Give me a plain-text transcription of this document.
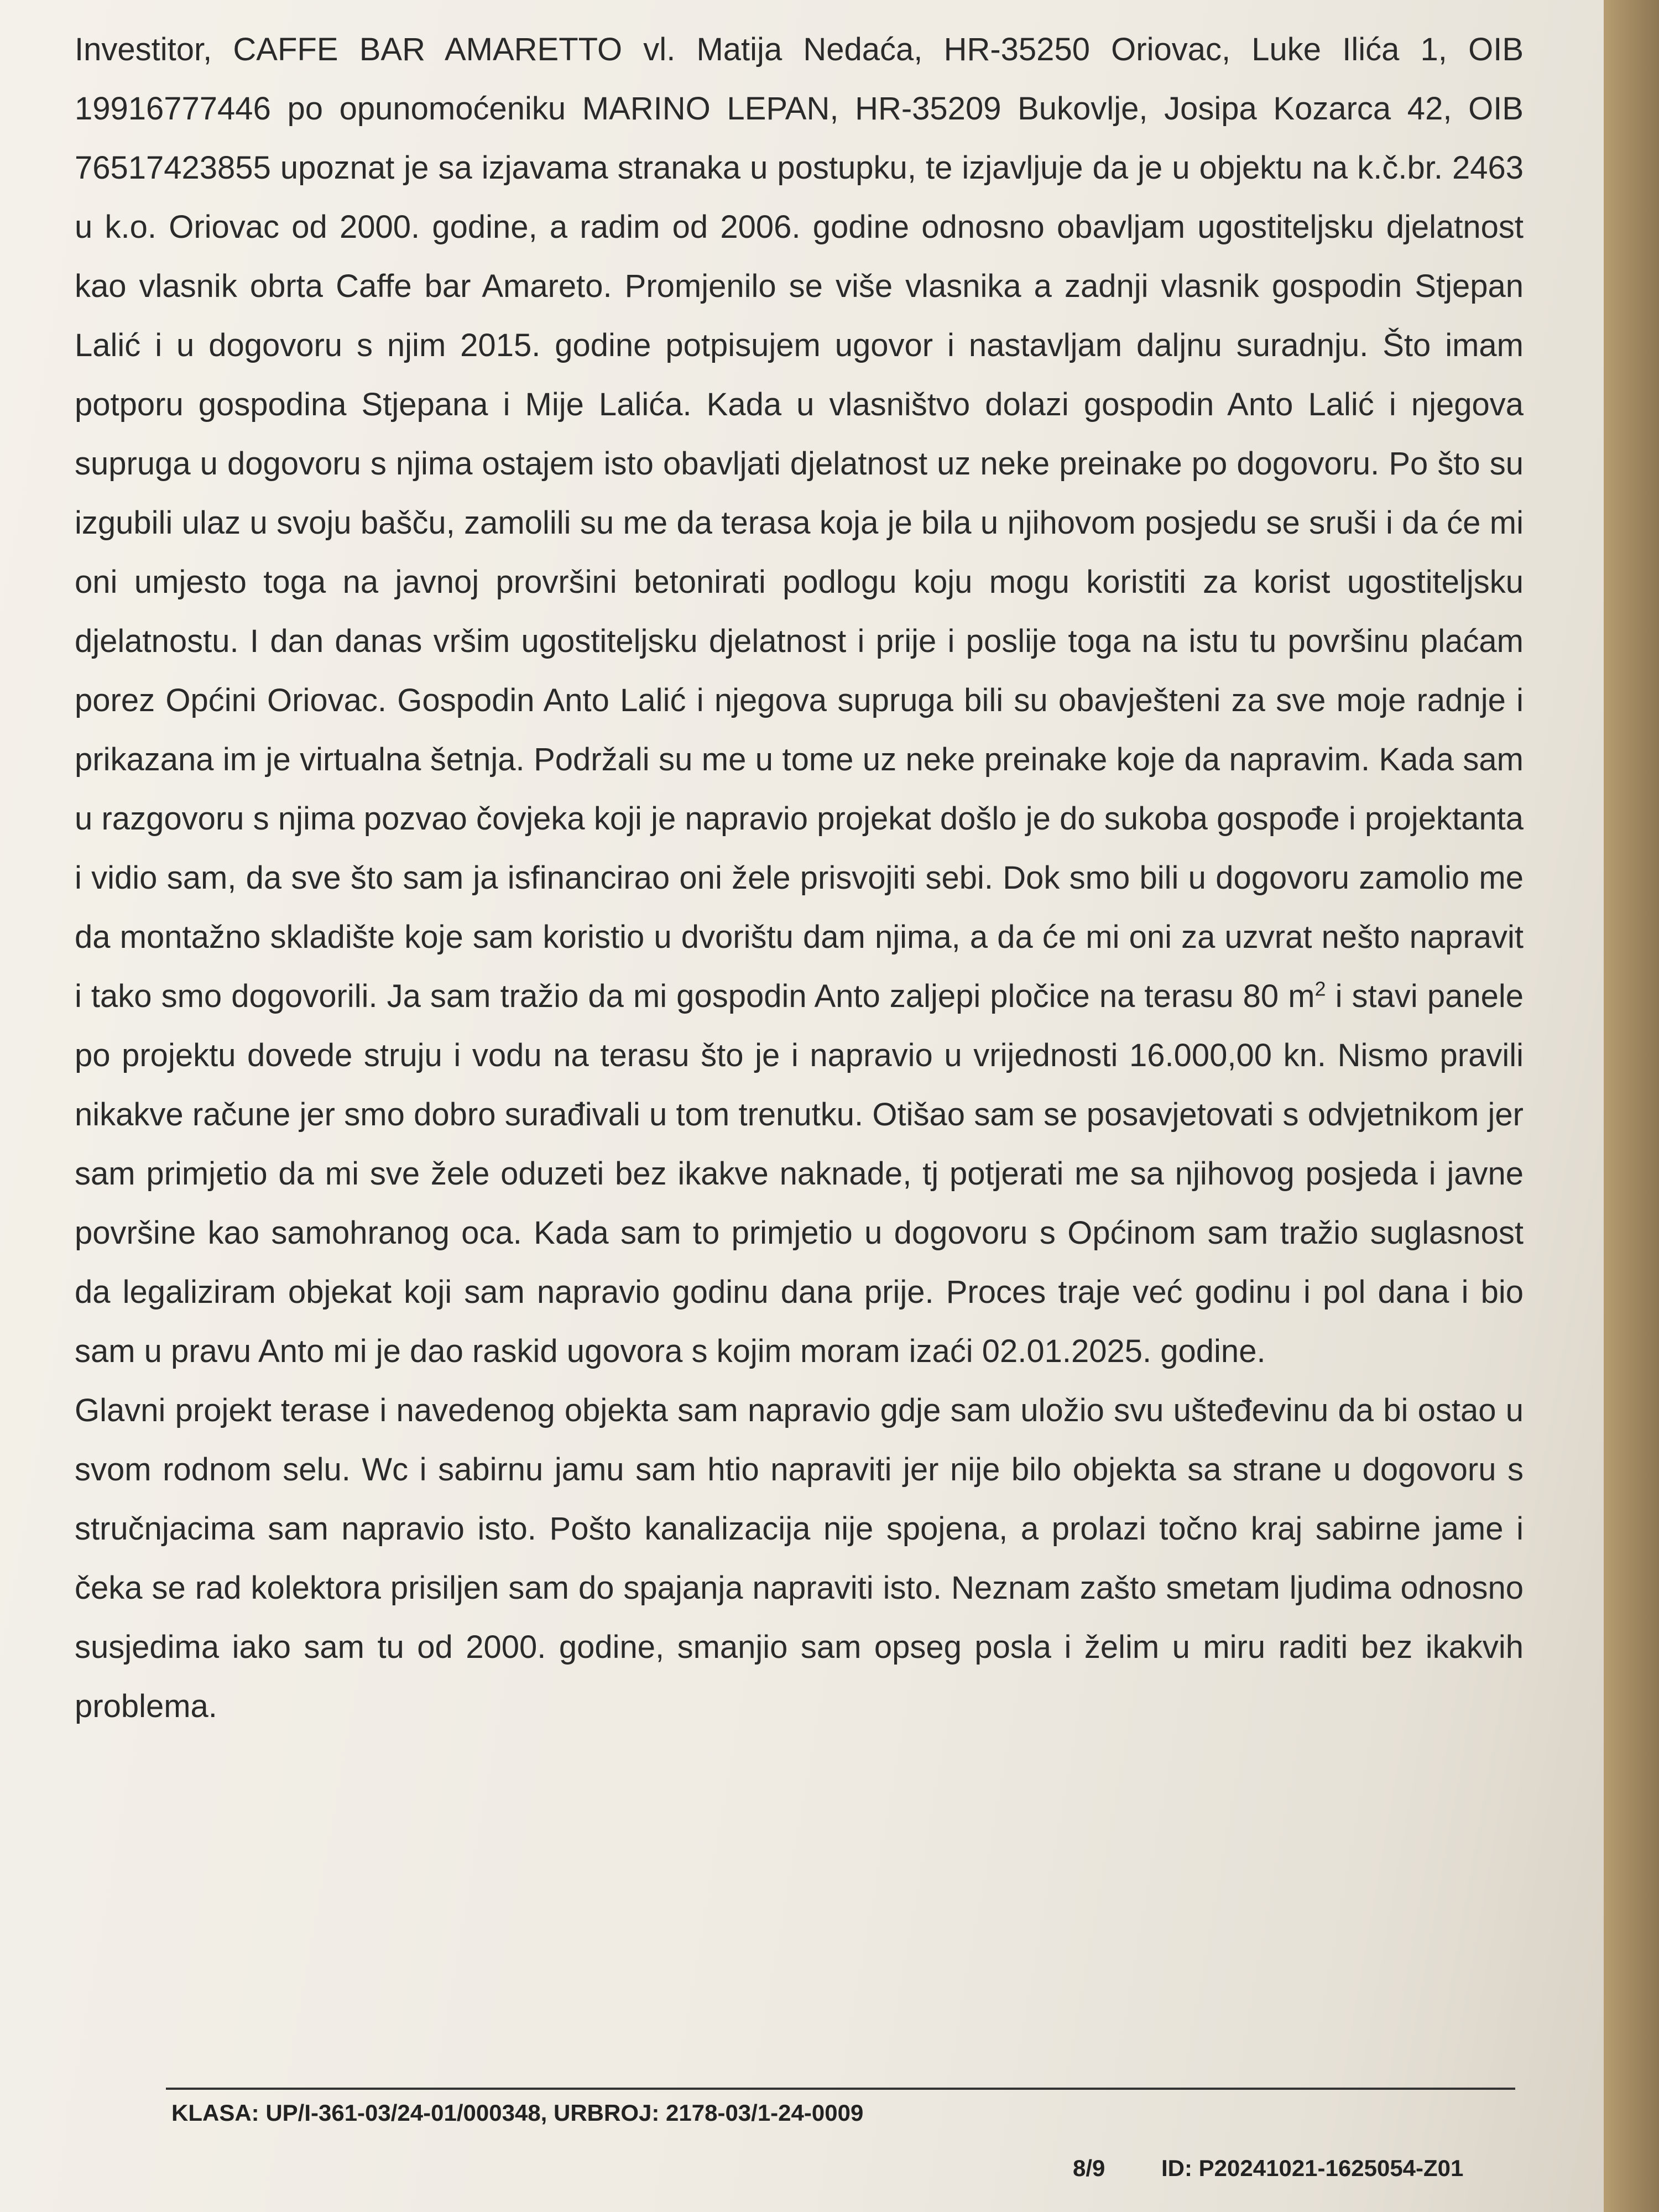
Investitor, CAFFE BAR AMARETTO vl. Matija Nedaća, HR-35250 Oriovac, Luke Ilića 1, OIB 19916777446 po opunomoćeniku MARINO LEPAN, HR-35209 Bukovlje, Josipa Kozarca 42, OIB 76517423855 upoznat je sa izjavama stranaka u postupku, te izjavljuje da je u objektu na k.č.br. 2463 u k.o. Oriovac od 2000. godine, a radim od 2006. godine odnosno obavljam ugostiteljsku djelatnost kao vlasnik obrta Caffe bar Amareto. Promjenilo se više vlasnika a zadnji vlasnik gospodin Stjepan Lalić i u dogovoru s njim 2015. godine potpisujem ugovor i nastavljam daljnu suradnju. Što imam potporu gospodina Stjepana i Mije Lalića. Kada u vlasništvo dolazi gospodin Anto Lalić i njegova supruga u dogovoru s njima ostajem isto obavljati djelatnost uz neke preinake po dogovoru. Po što su izgubili ulaz u svoju bašču, zamolili su me da terasa koja je bila u njihovom posjedu se sruši i da će mi oni umjesto toga na javnoj provršini betonirati podlogu koju mogu koristiti za korist ugostiteljsku djelatnostu. I dan danas vršim ugostiteljsku djelatnost i prije i poslije toga na istu tu površinu plaćam porez Općini Oriovac. Gospodin Anto Lalić i njegova supruga bili su obavješteni za sve moje radnje i prikazana im je virtualna šetnja. Podržali su me u tome uz neke preinake koje da napravim. Kada sam u razgovoru s njima pozvao čovjeka koji je napravio projekat došlo je do sukoba gospođe i projektanta i vidio sam, da sve što sam ja isfinancirao oni žele prisvojiti sebi. Dok smo bili u dogovoru zamolio me da montažno skladište koje sam koristio u dvorištu dam njima, a da će mi oni za uzvrat nešto napravit i tako smo dogovorili. Ja sam tražio da mi gospodin Anto zaljepi pločice na terasu 80 $m^2$ i stavi panele po projektu dovede struju i vodu na terasu što je i napravio u vrijednosti 16.000,00 kn. Nismo pravili nikakve račune jer smo dobro surađivali u tom trenutku. Otišao sam se posavjetovati s odvjetnikom jer sam primjetio da mi sve žele oduzeti bez ikakve naknade, tj potjerati me sa njihovog posjeda i javne površine kao samohranog oca. Kada sam to primjetio u dogovoru s Općinom sam tražio suglasnost da legaliziram objekat koji sam napravio godinu dana prije. Proces traje već godinu i pol dana i bio sam u pravu Anto mi je dao raskid ugovora s kojim moram izaći 02.01.2025. godine.
Glavni projekt terase i navedenog objekta sam napravio gdje sam uložio svu ušteđevinu da bi ostao u svom rodnom selu. Wc i sabirnu jamu sam htio napraviti jer nije bilo objekta sa strane u dogovoru s stručnjacima sam napravio isto. Pošto kanalizacija nije spojena, a prolazi točno kraj sabirne jame i čeka se rad kolektora prisiljen sam do spajanja napraviti isto. Neznam zašto smetam ljudima odnosno susjedima iako sam tu od 2000. godine, smanjio sam opseg posla i želim u miru raditi bez ikakvih problema.

KLASA: UP/I-361-03/24-01/000348, URBROJ: 2178-03/1-24-0009
8/9 ID: P20241021-1625054-Z01
